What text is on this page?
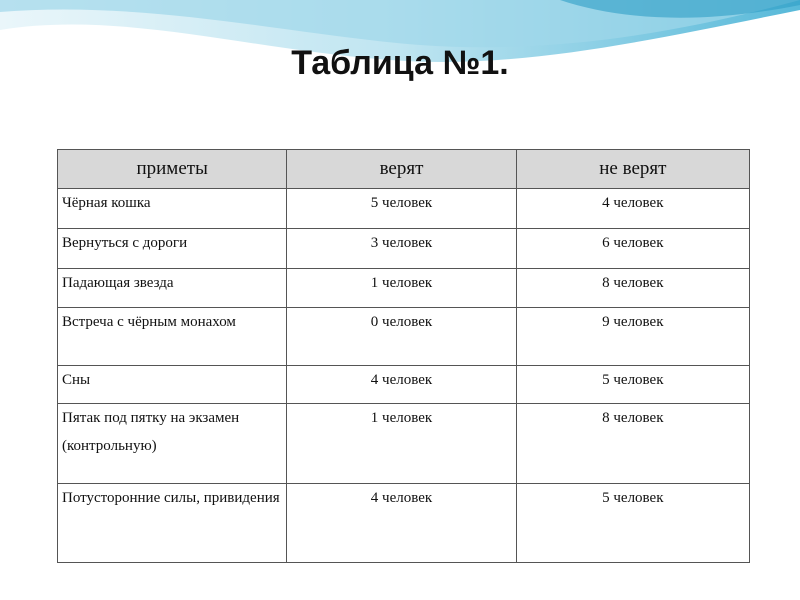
Таблица №1.
приметы	верят	не верят
Чёрная кошка	5 человек	4 человек
Вернуться с дороги	3 человек	6 человек
Падающая звезда	1 человек	8 человек
Встреча с чёрным монахом	0 человек	9 человек
Сны	4 человек	5 человек
Пятак под пятку на экзамен (контрольную)	1 человек	8 человек
Потусторонние силы, привидения	4 человек	5 человек
